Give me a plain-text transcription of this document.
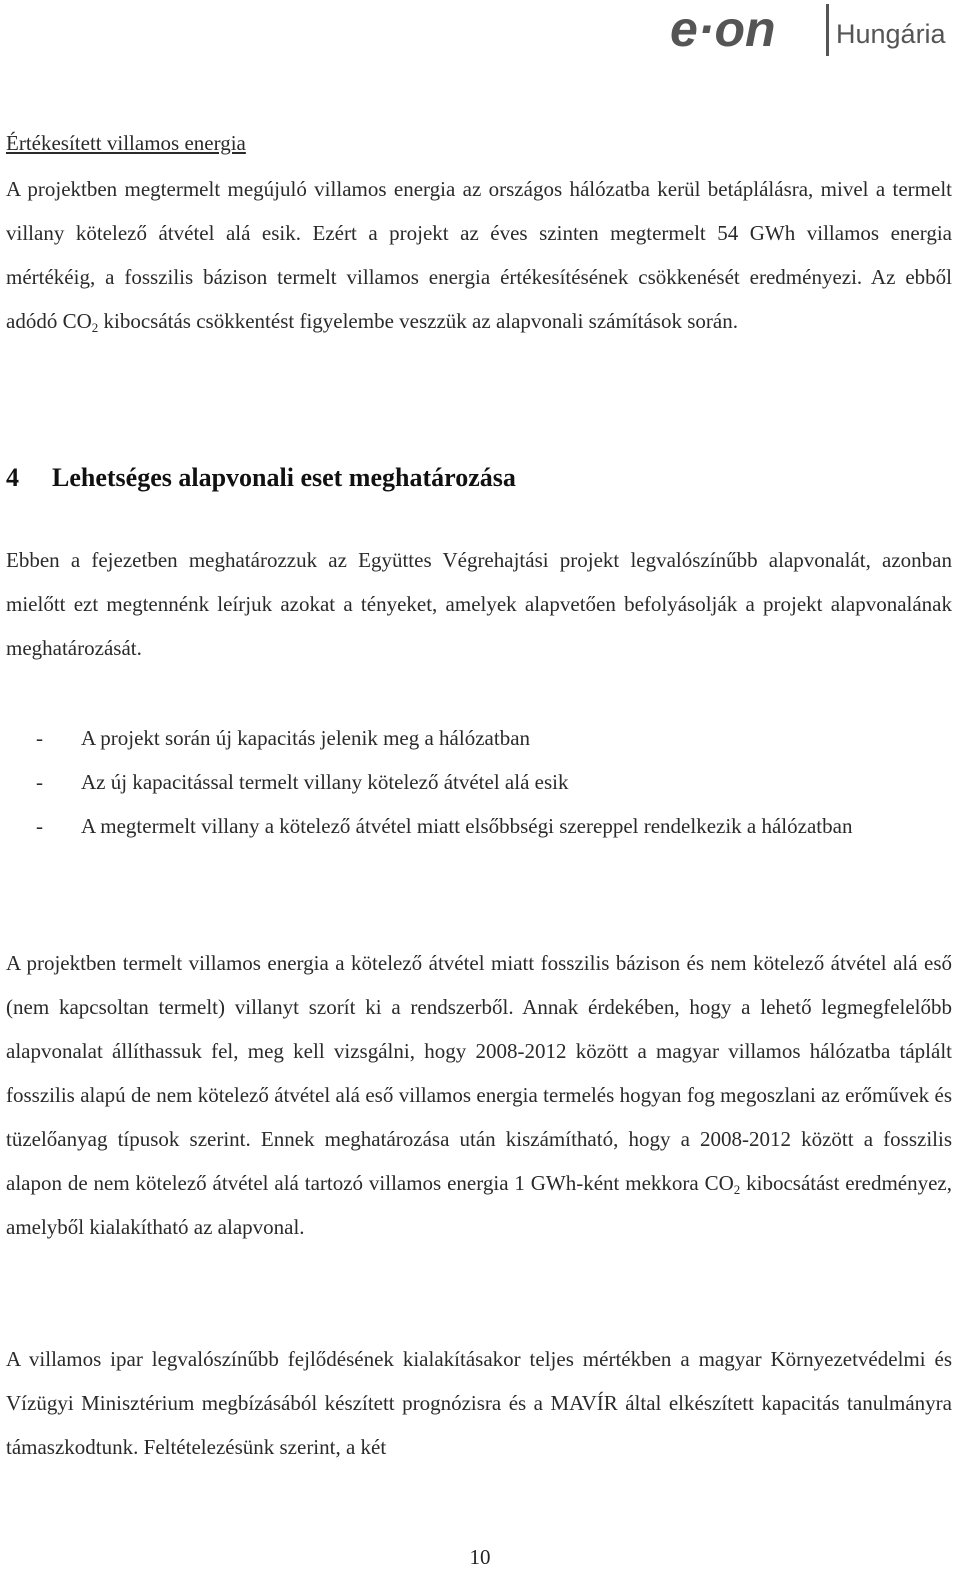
e·on Hungária

Értékesített villamos energia

A projektben megtermelt megújuló villamos energia az országos hálózatba kerül betáplálásra, mivel a termelt villany kötelező átvétel alá esik. Ezért a projekt az éves szinten megtermelt 54 GWh villamos energia mértékéig, a fosszilis bázison termelt villamos energia értékesítésének csökkenését eredményezi. Az ebből adódó $CO_2$ kibocsátás csökkentést figyelembe veszzük az alapvonali számítások során.

4 Lehetséges alapvonali eset meghatározása

Ebben a fejezetben meghatározzuk az Együttes Végrehajtási projekt legvalószínűbb alapvonalát, azonban mielőtt ezt megtennénk leírjuk azokat a tényeket, amelyek alapvetően befolyásolják a projekt alapvonalának meghatározását.

-	A projekt során új kapacitás jelenik meg a hálózatban
-	Az új kapacitással termelt villany kötelező átvétel alá esik
-	A megtermelt villany a kötelező átvétel miatt elsőbbségi szereppel rendelkezik a hálózatban

A projektben termelt villamos energia a kötelező átvétel miatt fosszilis bázison és nem kötelező átvétel alá eső (nem kapcsoltan termelt) villanyt szorít ki a rendszerből. Annak érdekében, hogy a lehető legmegfelelőbb alapvonalat állíthassuk fel, meg kell vizsgálni, hogy 2008-2012 között a magyar villamos hálózatba táplált fosszilis alapú de nem kötelező átvétel alá eső villamos energia termelés hogyan fog megoszlani az erőművek és tüzelőanyag típusok szerint. Ennek meghatározása után kiszámítható, hogy a 2008-2012 között a fosszilis alapon de nem kötelező átvétel alá tartozó villamos energia 1 GWh-ként mekkora $CO_2$ kibocsátást eredményez, amelyből kialakítható az alapvonal.

A villamos ipar legvalószínűbb fejlődésének kialakításakor teljes mértékben a magyar Környezetvédelmi és Vízügyi Minisztérium megbízásából készített prognózisra és a MAVÍR által elkészített kapacitás tanulmányra támaszkodtunk. Feltételezésünk szerint, a két

10
